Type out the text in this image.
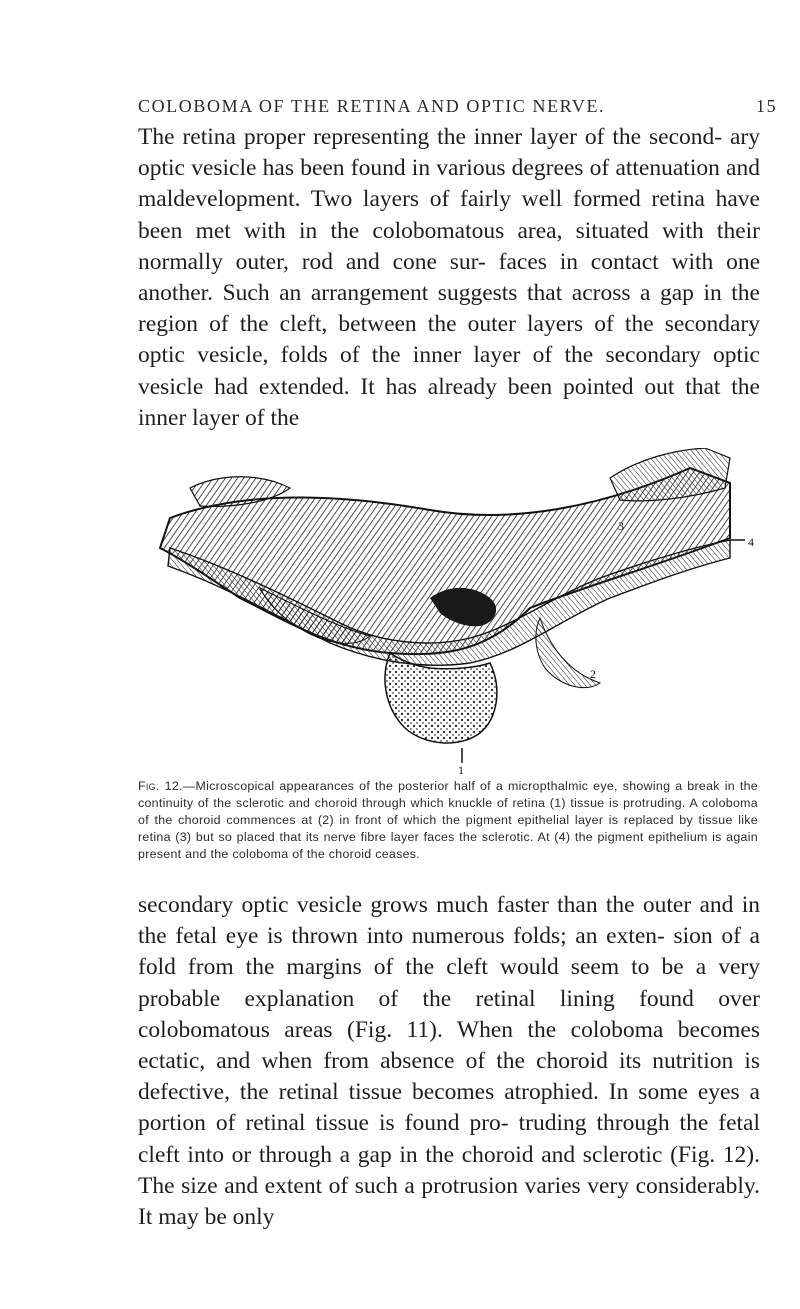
COLOBOMA OF THE RETINA AND OPTIC NERVE.	15

The retina proper representing the inner layer of the second- ary optic vesicle has been found in various degrees of attenuation and maldevelopment. Two layers of fairly well formed retina have been met with in the colobomatous area, situated with their normally outer, rod and cone sur- faces in contact with one another. Such an arrangement suggests that across a gap in the region of the cleft, between the outer layers of the secondary optic vesicle, folds of the inner layer of the secondary optic vesicle had extended. It has already been pointed out that the inner layer of the

1
2
3
4

Fig. 12.—Microscopical appearances of the posterior half of a micropthalmic eye, showing a break in the continuity of the sclerotic and choroid through which knuckle of retina (1) tissue is protruding. A coloboma of the choroid commences at (2) in front of which the pigment epithelial layer is replaced by tissue like retina (3) but so placed that its nerve fibre layer faces the sclerotic. At (4) the pigment epithelium is again present and the coloboma of the choroid ceases.

secondary optic vesicle grows much faster than the outer and in the fetal eye is thrown into numerous folds; an exten- sion of a fold from the margins of the cleft would seem to be a very probable explanation of the retinal lining found over colobomatous areas (Fig. 11). When the coloboma becomes ectatic, and when from absence of the choroid its nutrition is defective, the retinal tissue becomes atrophied. In some eyes a portion of retinal tissue is found pro- truding through the fetal cleft into or through a gap in the choroid and sclerotic (Fig. 12). The size and extent of such a protrusion varies very considerably. It may be only
